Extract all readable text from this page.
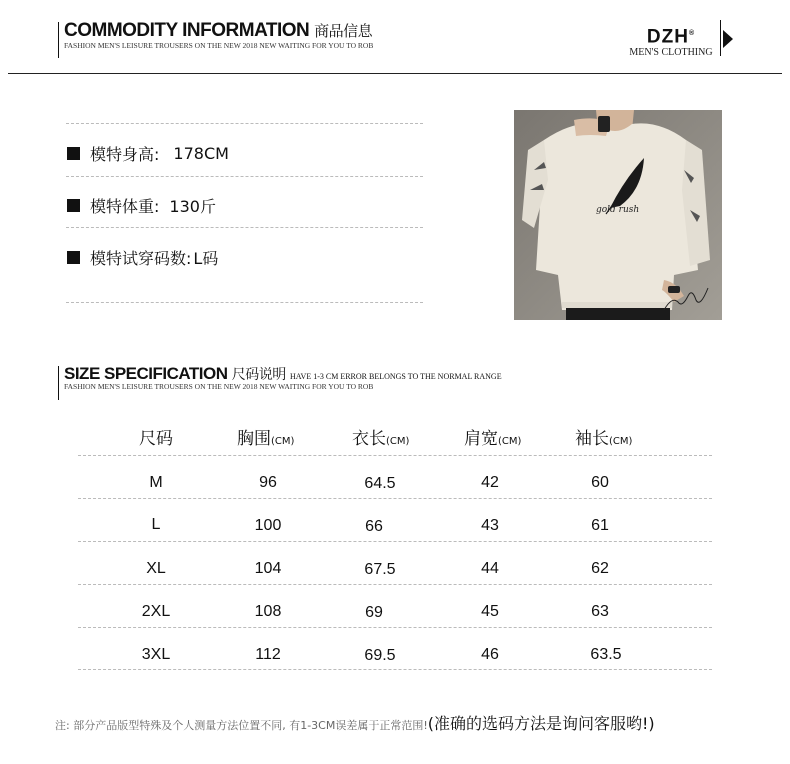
COMMODITY INFORMATION 商品信息
FASHION MEN'S LEISURE TROUSERS ON THE NEW 2018 NEW WAITING FOR YOU TO ROB	DZH®
MEN'S CLOTHING
模特身高: 178CM
模特体重: 130斤
模特试穿码数: L码
gold rush
SIZE SPECIFICATION 尺码说明 HAVE 1-3 CM ERROR BELONGS TO THE NORMAL RANGE
FASHION MEN'S LEISURE TROUSERS ON THE NEW 2018 NEW WAITING FOR YOU TO ROB
尺码	胸围(CM)	衣长(CM)	肩宽(CM)	袖长(CM)
M	96	64.5	42	60
L	100	66	43	61
XL	104	67.5	44	62
2XL	108	69	45	63
3XL	112	69.5	46	63.5
注: 部分产品版型特殊及个人测量方法位置不同, 有1-3CM误差属于正常范围!(准确的选码方法是询问客服哟!)
